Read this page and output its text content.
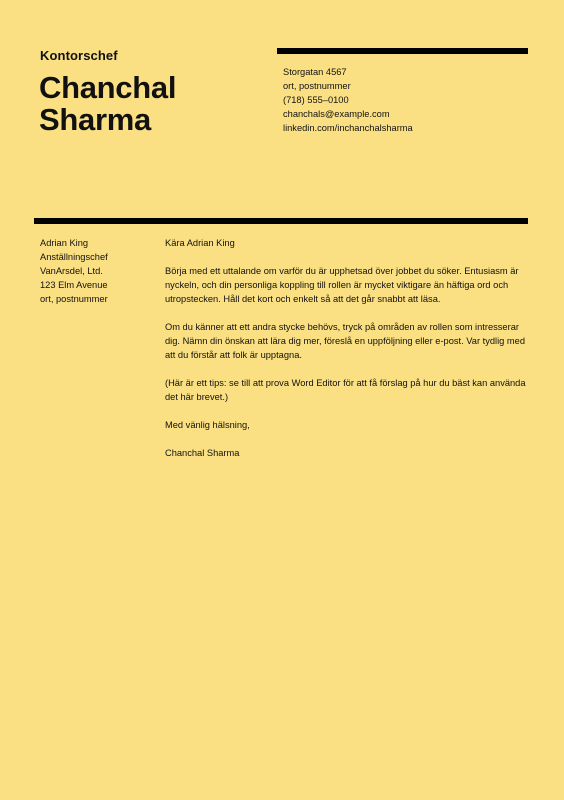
Kontorschef
Chanchal
Sharma
Storgatan 4567
ort, postnummer
(718) 555–0100
chanchals@example.com
linkedin.com/inchanchalsharma
Adrian King
Anställningschef
VanArsdel, Ltd.
123 Elm Avenue
ort, postnummer

Kära Adrian King

Börja med ett uttalande om varför du är upphetsad över jobbet du söker. Entusiasm är nyckeln, och din personliga koppling till rollen är mycket viktigare än häftiga ord och utropstecken. Håll det kort och enkelt så att det går snabbt att läsa.

Om du känner att ett andra stycke behövs, tryck på områden av rollen som intresserar dig. Nämn din önskan att lära dig mer, föreslå en uppföljning eller e-post. Var tydlig med att du förstår att folk är upptagna.

(Här är ett tips: se till att prova Word Editor för att få förslag på hur du bäst kan använda det här brevet.)

Med vänlig hälsning,

Chanchal Sharma
